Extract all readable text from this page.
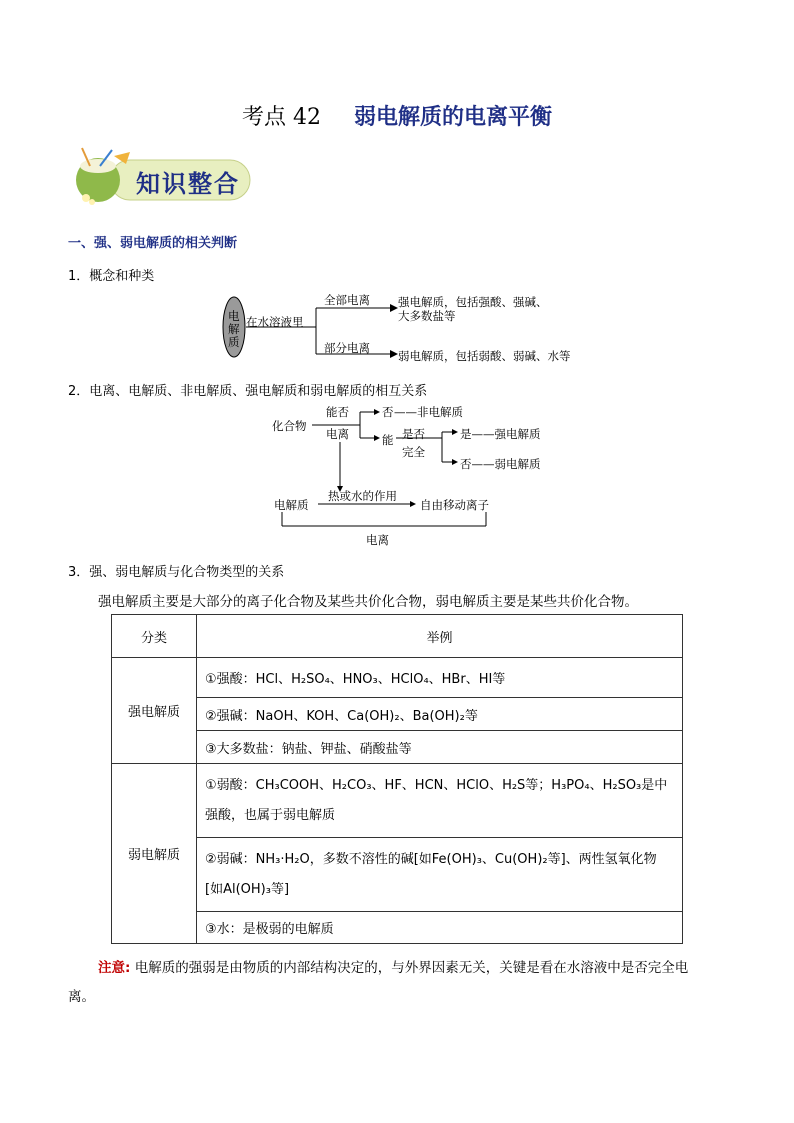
考点 42 弱电解质的电离平衡
知识整合
一、强、弱电解质的相关判断
1．概念和种类
电
解
质
在水溶液里
全部电离 强电解质，包括强酸、强碱、
大多数盐等
部分电离
弱电解质，包括弱酸、弱碱、水等
2．电离、电解质、非电解质、强电解质和弱电解质的相互关系
化合物
能否
电离
否 ——非电解质
能 是否
完全
是——强电解质
否——弱电解质
电解质
热或水的作用
自由移动离子
电离
3．强、弱电解质与化合物类型的关系
强电解质主要是大部分的离子化合物及某些共价化合物，弱电解质主要是某些共价化合物。
分类	举例
强电解质	①强酸：HCl、H₂SO₄、HNO₃、HClO₄、HBr、HI等
	②强碱：NaOH、KOH、Ca(OH)₂、Ba(OH)₂等
	③大多数盐：钠盐、钾盐、硝酸盐等
弱电解质	①弱酸：CH₃COOH、H₂CO₃、HF、HCN、HClO、H₂S等；H₃PO₄、H₂SO₃是中强酸，也属于弱电解质
	②弱碱：NH₃·H₂O，多数不溶性的碱[如Fe(OH)₃、Cu(OH)₂等]、两性氢氧化物[如Al(OH)₃等]
	③水：是极弱的电解质
注意: 电解质的强弱是由物质的内部结构决定的，与外界因素无关，关键是看在水溶液中是否完全电
离。
